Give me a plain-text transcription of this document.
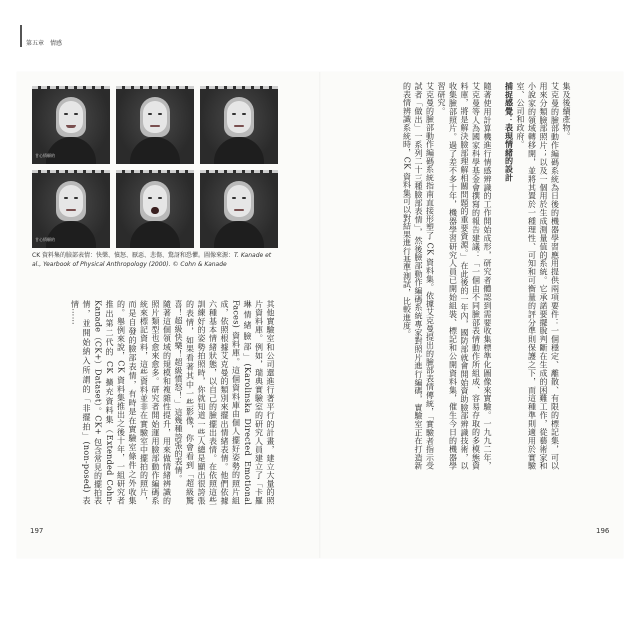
第五章　情感
甘心情願的
甘心情願的
CK 資料集的臉部表情：快樂、憤怒、厭惡、悲傷、驚訝和恐懼。圖像來源：T. Kanade et al., Yearbook of Physical Anthropology (2000). © Cohn & Kanade

集及後續產物。

艾克曼的臉部動作編碼系統為日後的機器學習應用提供兩項要件：一個穩定、離散、有限的標記集，可以用來分類臉部照片；以及一個用於生成測量值的系統。它承諾要擺脫判斷在生成的困難工作，從藝術家和小說家的領域轉移開，並將其置於一種理性、可知和可衡量的評分準則保護之下，而這種準則適用於實驗室、公司和政府。

捕捉感覺：表現情緒的設計

隨著使用計算機進行情感辨識的工作開始成形，研究者體認到需要收集標準化圖像來實驗。一九九二年，艾克曼等人為國家科學基金會撰寫的報告建議：「一個由不同臉部表情動作所組成、容易存取的多模態資料庫，將是解決臉部理解相關問題的重要資源。」在此後的一年內，國防部就會開始資助臉部辨識技術，以收集臉部照片。過了差不多十年，機器學習研究人員已開始組裝、標記和公開資料集，催生今日的機器學習研究。

艾克曼的臉部動作編碼系統指南直接形塑了 CK 資料集。依據艾克曼提出的臉部表情傳統，「實驗者指示受試者「做出」一系列二十三種臉部表情」，然後臉部動作編碼系統專家對照片進行編碼，實驗室正在打造新的表情辨識系統時，CK 資料集可以對結果進行基準測試，比較進度。

其他實驗室和公司還進行著平行的計畫，建立大量的照片資料庫。例如，瑞典實驗室的研究人員建立了「卡羅琳情緒臉部」(Karolinska Directed Emotional Faces) 資料庫。這個資料庫由個人擺好姿勢的照片組成，依照根據艾克曼的類別來擺出情緒表情。他們依據六種基本情緒狀態，以自己的臉擺出表情。在依照這些訓練好的姿勢拍照時，你就知道一些人總是顯出很誇張的表情，如果看著其中一些影像，你會看到「超級驚喜！超級快樂！超級憤怒！」這幾種誇張的表情。

隨著這個領域的規模和複雜性提升，用來做情緒辨識的照片類型也愈來愈多。研究者開始運用臉部動作編碼系統來標記資料，這些資料並非在實驗室中擺拍的照片，而是自發的臉部表情，有時是在實驗室條件之外收集的。舉例來說，CK 資料集推出之後十年，一組研究者推出第二代的 CK 擴充資料集（Extended Cohn-Kanade（CK+）Dataset）。CK+ 包含常見的擺拍表情，並開始納入所謂的「非擺拍」(non-posed) 表情……

197	196
